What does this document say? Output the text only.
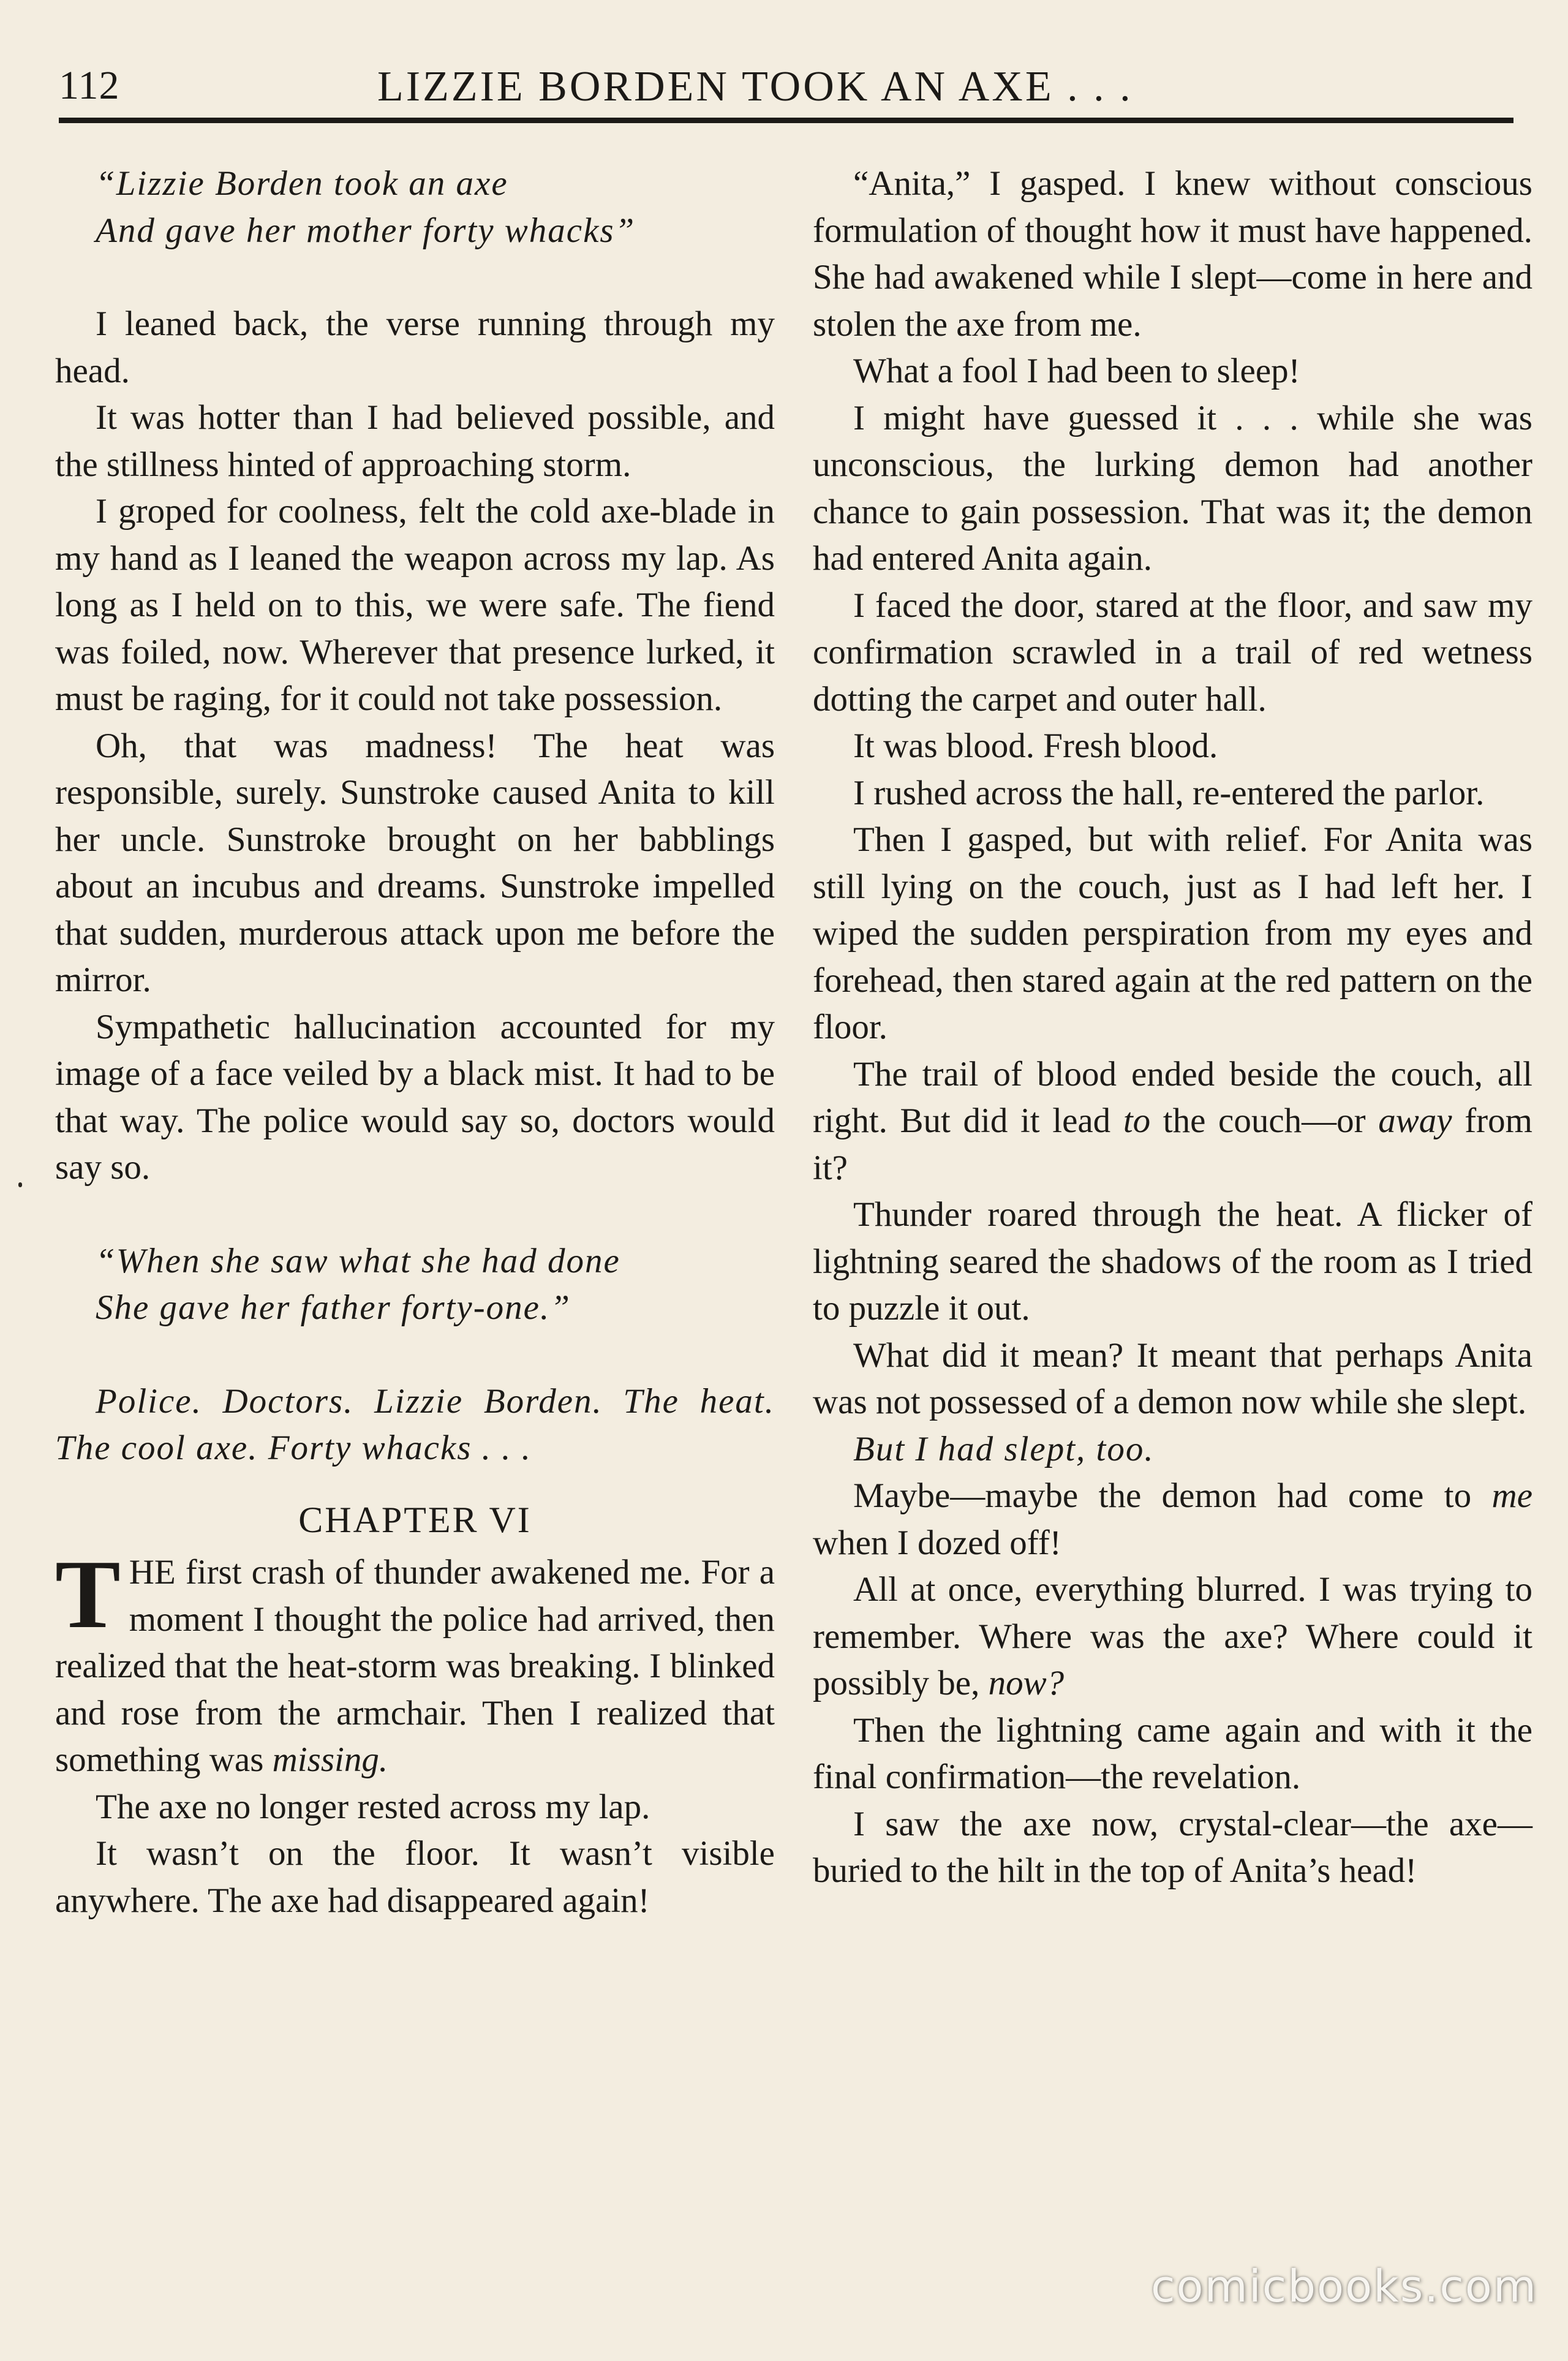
112	LIZZIE BORDEN TOOK AN AXE . . .
“Lizzie Borden took an axe
And gave her mother forty whacks”

I leaned back, the verse running through my head.

It was hotter than I had believed possible, and the stillness hinted of approaching storm.

I groped for coolness, felt the cold axe-blade in my hand as I leaned the weapon across my lap. As long as I held on to this, we were safe. The fiend was foiled, now. Wherever that presence lurked, it must be raging, for it could not take possession.

Oh, that was madness! The heat was responsible, surely. Sunstroke caused Anita to kill her uncle. Sunstroke brought on her babblings about an incubus and dreams. Sunstroke impelled that sudden, murderous attack upon me before the mirror.

Sympathetic hallucination accounted for my image of a face veiled by a black mist. It had to be that way. The police would say so, doctors would say so.

“When she saw what she had done
She gave her father forty-one.”

Police. Doctors. Lizzie Borden. The heat. The cool axe. Forty whacks . . .

CHAPTER VI

THE first crash of thunder awakened me. For a moment I thought the police had arrived, then realized that the heat-storm was breaking. I blinked and rose from the armchair. Then I realized that something was missing.

The axe no longer rested across my lap.

It wasn’t on the floor. It wasn’t visible anywhere. The axe had disappeared again!

“Anita,” I gasped. I knew without conscious formulation of thought how it must have happened. She had awakened while I slept—come in here and stolen the axe from me.

What a fool I had been to sleep!

I might have guessed it . . . while she was unconscious, the lurking demon had another chance to gain possession. That was it; the demon had entered Anita again.

I faced the door, stared at the floor, and saw my confirmation scrawled in a trail of red wetness dotting the carpet and outer hall.

It was blood. Fresh blood.

I rushed across the hall, re-entered the parlor.

Then I gasped, but with relief. For Anita was still lying on the couch, just as I had left her. I wiped the sudden perspiration from my eyes and forehead, then stared again at the red pattern on the floor.

The trail of blood ended beside the couch, all right. But did it lead to the couch—or away from it?

Thunder roared through the heat. A flicker of lightning seared the shadows of the room as I tried to puzzle it out.

What did it mean? It meant that perhaps Anita was not possessed of a demon now while she slept.

But I had slept, too.

Maybe—maybe the demon had come to me when I dozed off!

All at once, everything blurred. I was trying to remember. Where was the axe? Where could it possibly be, now?

Then the lightning came again and with it the final confirmation—the revelation.

I saw the axe now, crystal-clear—the axe—buried to the hilt in the top of Anita’s head!

comicbooks.com
